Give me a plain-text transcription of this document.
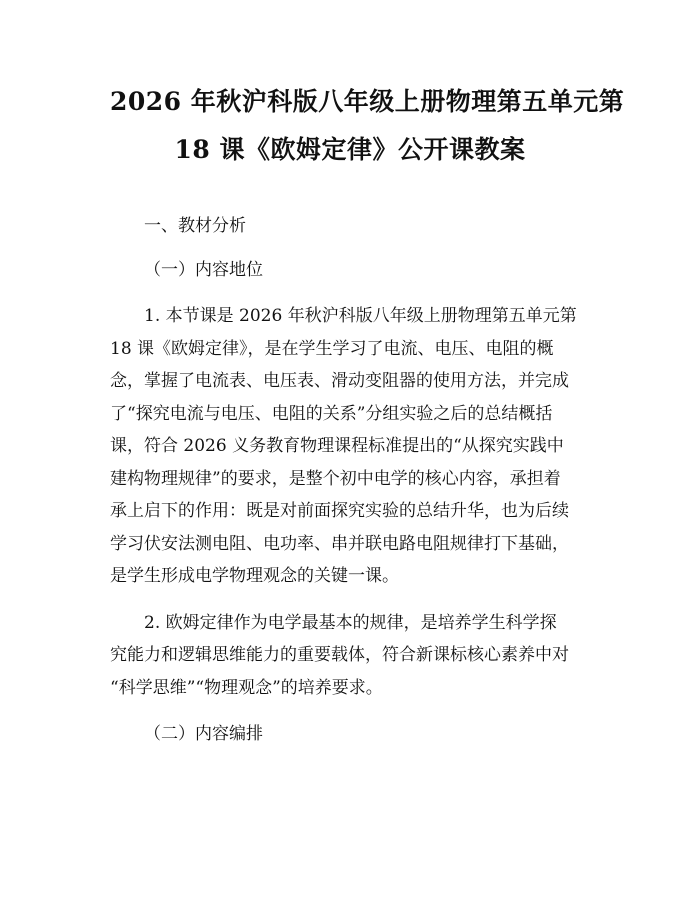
2026 年秋沪科版八年级上册物理第五单元第
18 课《欧姆定律》公开课教案

一、教材分析

（一）内容地位

1. 本节课是 2026 年秋沪科版八年级上册物理第五单元第
18 课《欧姆定律》，是在学生学习了电流、电压、电阻的概
念，掌握了电流表、电压表、滑动变阻器的使用方法，并完成
了“探究电流与电压、电阻的关系”分组实验之后的总结概括
课，符合 2026 义务教育物理课程标准提出的“从探究实践中
建构物理规律”的要求，是整个初中电学的核心内容，承担着
承上启下的作用：既是对前面探究实验的总结升华，也为后续
学习伏安法测电阻、电功率、串并联电路电阻规律打下基础，
是学生形成电学物理观念的关键一课。
2. 欧姆定律作为电学最基本的规律，是培养学生科学探
究能力和逻辑思维能力的重要载体，符合新课标核心素养中对
“科学思维”“物理观念”的培养要求。

（二）内容编排
